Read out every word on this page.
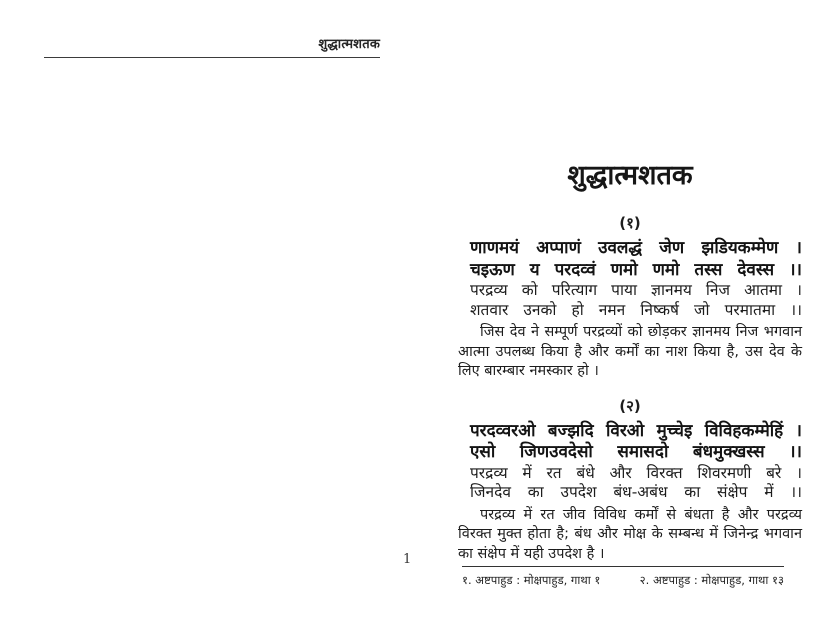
शुद्धात्मशतक
1
शुद्धात्मशतक
(१)
णाणमयं अप्पाणं उवलद्धं जेण झडियकम्मेण ।
चइऊण य परदव्वं णमो णमो तस्स देवस्स ।।
परद्रव्य को परित्याग पाया ज्ञानमय निज आतमा ।
शतवार उनको हो नमन निष्कर्ष जो परमातमा ।।

जिस देव ने सम्पूर्ण परद्रव्यों को छोड़कर ज्ञानमय निज भगवान आत्मा उपलब्ध किया है और कर्मों का नाश किया है, उस देव के लिए बारम्बार नमस्कार हो ।

(२)
परदव्वरओ बज्झदि विरओ मुच्चेइ विविहकम्मेहिं ।
एसो जिणउवदेसो समासदो बंधमुक्खस्स ।।
परद्रव्य में रत बंधे और विरक्त शिवरमणी बरे ।
जिनदेव का उपदेश बंध-अबंध का संक्षेप में ।।

परद्रव्य में रत जीव विविध कर्मों से बंधता है और परद्रव्य विरक्त मुक्त होता है; बंध और मोक्ष के सम्बन्ध में जिनेन्द्र भगवान का संक्षेप में यही उपदेश है ।

१. अष्टपाहुड : मोक्षपाहुड, गाथा १	२. अष्टपाहुड : मोक्षपाहुड, गाथा १३
